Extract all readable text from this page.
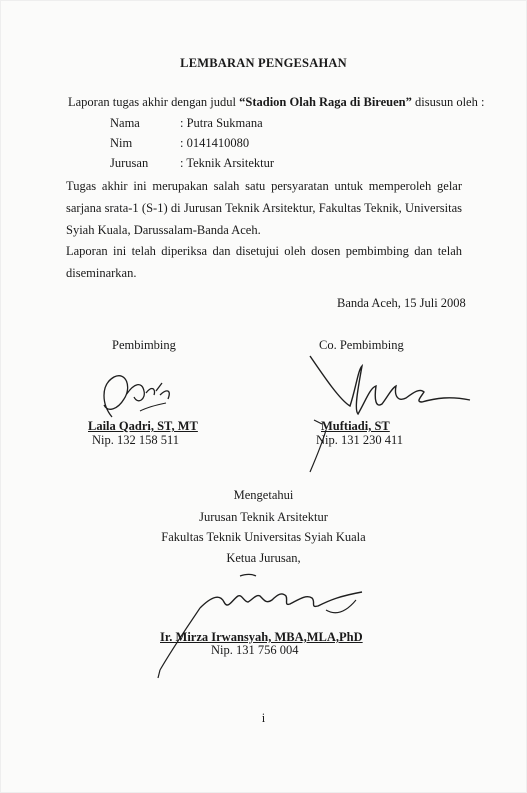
LEMBARAN PENGESAHAN
Laporan tugas akhir dengan judul “Stadion Olah Raga di Bireuen” disusun oleh :
Nama	: Putra Sukmana
Nim	: 0141410080
Jurusan	: Teknik Arsitektur
Tugas akhir ini merupakan salah satu persyaratan untuk memperoleh gelar sarjana srata-1 (S-1) di Jurusan Teknik Arsitektur, Fakultas Teknik, Universitas Syiah Kuala, Darussalam-Banda Aceh.
Laporan ini telah diperiksa dan disetujui oleh dosen pembimbing dan telah diseminarkan.
Banda Aceh, 15 Juli 2008
Pembimbing	Co. Pembimbing
Laila Qadri, ST, MT
Nip. 132 158 511
Muftiadi, ST
Nip. 131 230 411
Mengetahui
Jurusan Teknik Arsitektur
Fakultas Teknik Universitas Syiah Kuala
Ketua Jurusan,
Ir. Mirza Irwansyah, MBA,MLA,PhD
Nip. 131 756 004
i
